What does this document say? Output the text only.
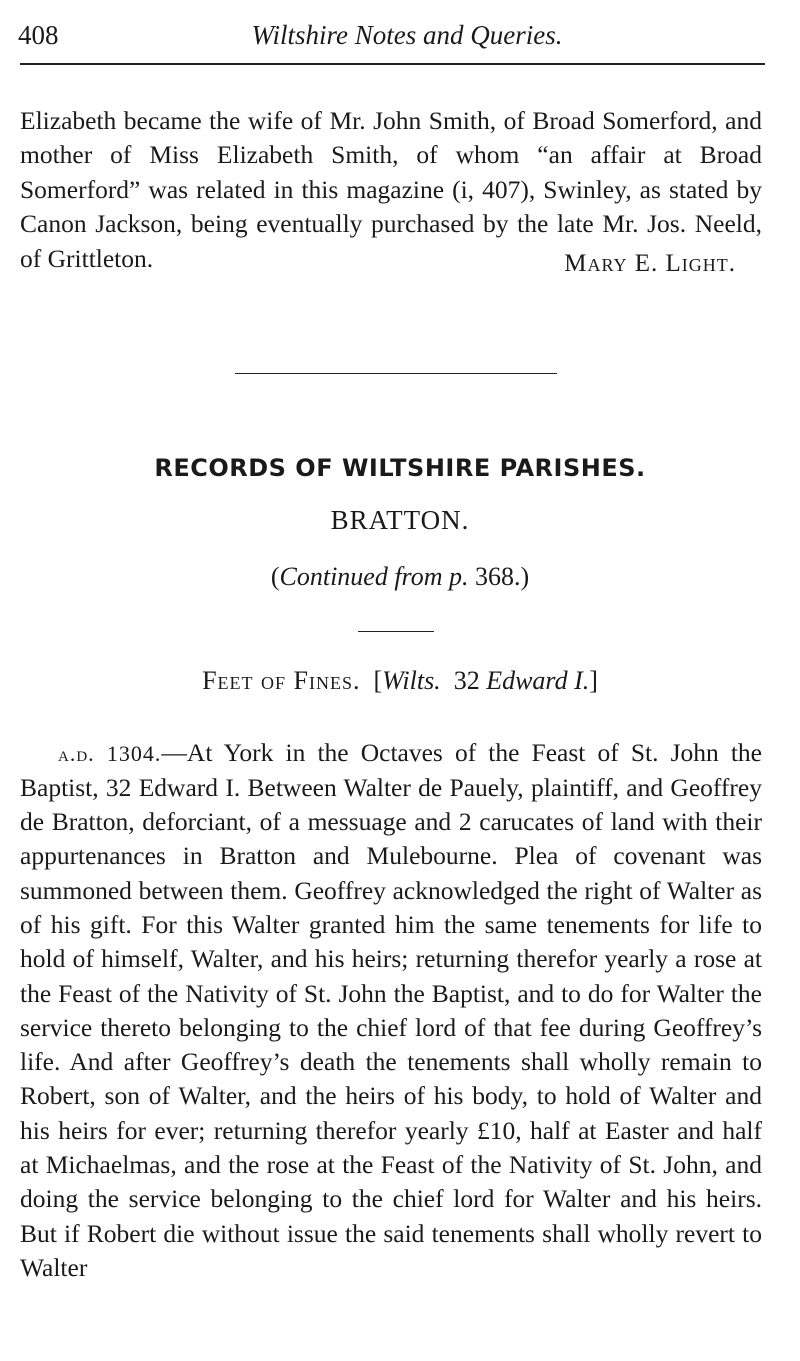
408	Wiltshire Notes and Queries.

Elizabeth became the wife of Mr. John Smith, of Broad Somerford, and mother of Miss Elizabeth Smith, of whom “an affair at Broad Somerford” was related in this magazine (i, 407), Swinley, as stated by Canon Jackson, being eventually purchased by the late Mr. Jos. Neeld, of Grittleton.	Mary E. Light.
RECORDS OF WILTSHIRE PARISHES.
BRATTON.
(Continued from p. 368.)
Feet of Fines. [Wilts. 32 Edward I.]

a.d. 1304.—At York in the Octaves of the Feast of St. John the Baptist, 32 Edward I. Between Walter de Pauely, plaintiff, and Geoffrey de Bratton, deforciant, of a messuage and 2 carucates of land with their appurtenances in Bratton and Mulebourne. Plea of covenant was summoned between them. Geoffrey acknowledged the right of Walter as of his gift. For this Walter granted him the same tenements for life to hold of himself, Walter, and his heirs; returning therefor yearly a rose at the Feast of the Nativity of St. John the Baptist, and to do for Walter the service thereto belonging to the chief lord of that fee during Geoffrey’s life. And after Geoffrey’s death the tenements shall wholly remain to Robert, son of Walter, and the heirs of his body, to hold of Walter and his heirs for ever; returning therefor yearly £10, half at Easter and half at Michaelmas, and the rose at the Feast of the Nativity of St. John, and doing the service belonging to the chief lord for Walter and his heirs. But if Robert die without issue the said tenements shall wholly revert to Walter
